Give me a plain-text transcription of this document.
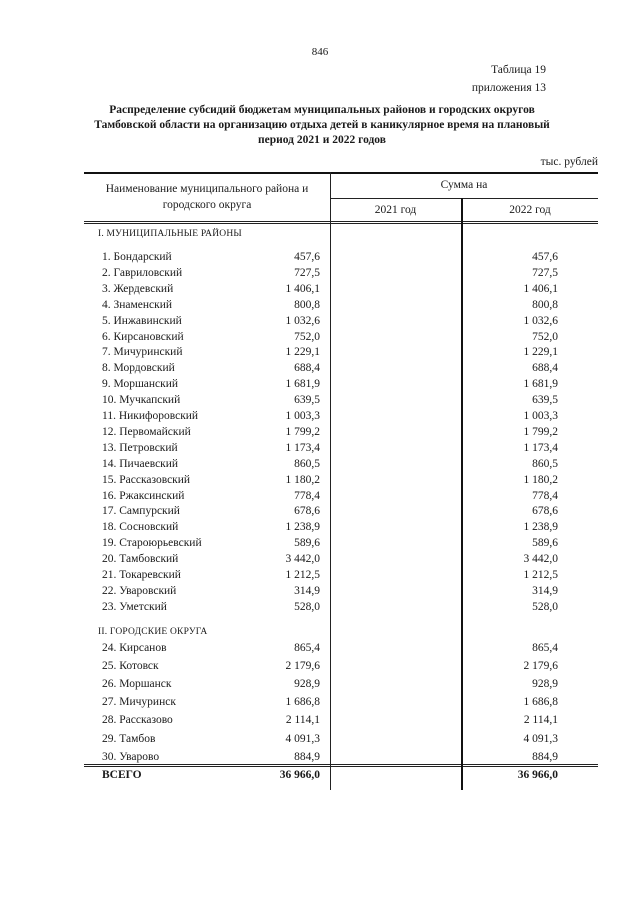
846
Таблица 19
приложения 13
Распределение субсидий бюджетам муниципальных районов и городских округов Тамбовской области на организацию отдыха детей в каникулярное время на плановый период 2021 и 2022 годов
тыс. рублей
Наименование муниципального района и городского округа
Сумма на
2021 год	2022 год
I. МУНИЦИПАЛЬНЫЕ РАЙОНЫ
1. Бондарский	457,6	457,6
2. Гавриловский	727,5	727,5
3. Жердевский	1 406,1	1 406,1
4. Знаменский	800,8	800,8
5. Инжавинский	1 032,6	1 032,6
6. Кирсановский	752,0	752,0
7. Мичуринский	1 229,1	1 229,1
8. Мордовский	688,4	688,4
9. Моршанский	1 681,9	1 681,9
10. Мучкапский	639,5	639,5
11. Никифоровский	1 003,3	1 003,3
12. Первомайский	1 799,2	1 799,2
13. Петровский	1 173,4	1 173,4
14. Пичаевский	860,5	860,5
15. Рассказовский	1 180,2	1 180,2
16. Ржаксинский	778,4	778,4
17. Сампурский	678,6	678,6
18. Сосновский	1 238,9	1 238,9
19. Староюрьевский	589,6	589,6
20. Тамбовский	3 442,0	3 442,0
21. Токаревский	1 212,5	1 212,5
22. Уваровский	314,9	314,9
23. Уметский	528,0	528,0
II. ГОРОДСКИЕ ОКРУГА
24. Кирсанов	865,4	865,4
25. Котовск	2 179,6	2 179,6
26. Моршанск	928,9	928,9
27. Мичуринск	1 686,8	1 686,8
28. Рассказово	2 114,1	2 114,1
29. Тамбов	4 091,3	4 091,3
30. Уварово	884,9	884,9
ВСЕГО	36 966,0	36 966,0
